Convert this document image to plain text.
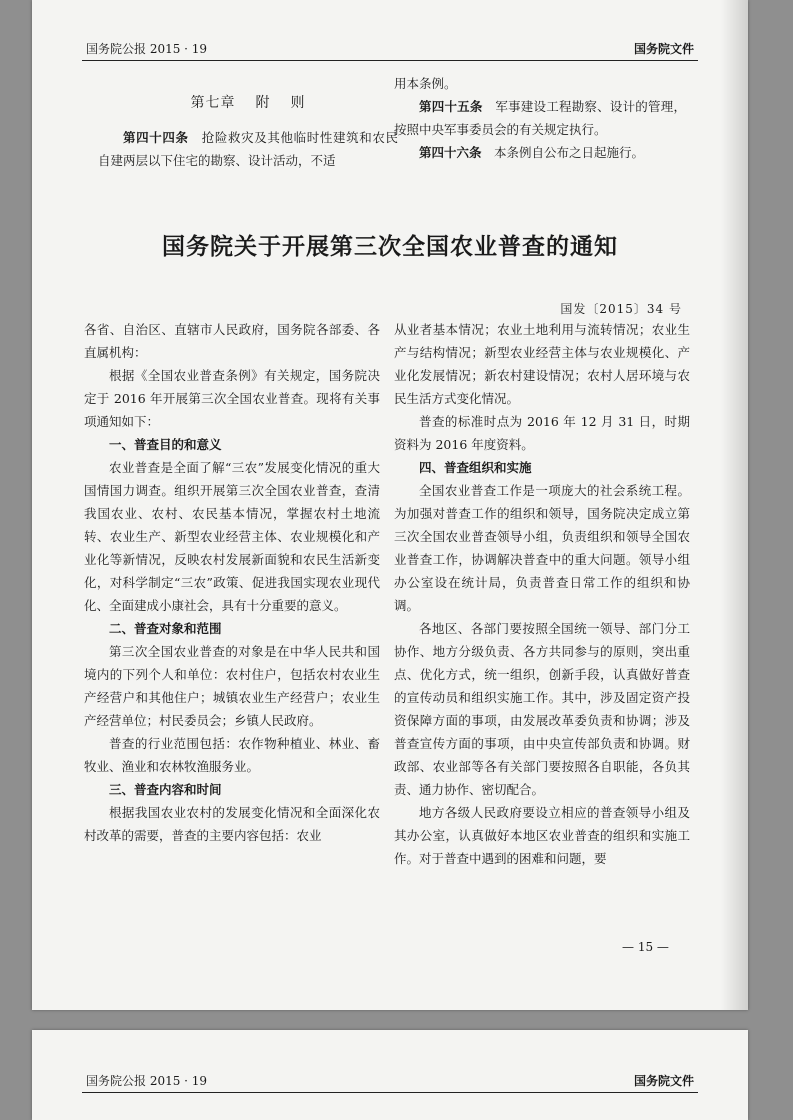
国务院公报 2015 · 19	国务院文件
第七章 附 则

第四十四条　 抢险救灾及其他临时性建筑和农民自建两层以下住宅的勘察、设计活动，不适

用本条例。

第四十五条　 军事建设工程勘察、设计的管理，按照中央军事委员会的有关规定执行。

第四十六条　 本条例自公布之日起施行。

国务院关于开展第三次全国农业普查的通知
国发〔2015〕34 号

各省、自治区、直辖市人民政府，国务院各部委、各直属机构：

根据《全国农业普查条例》有关规定，国务院决定于 2016 年开展第三次全国农业普查。现将有关事项通知如下：

一、普查目的和意义

农业普查是全面了解“三农”发展变化情况的重大国情国力调查。组织开展第三次全国农业普查，查清我国农业、农村、农民基本情况，掌握农村土地流转、农业生产、新型农业经营主体、农业规模化和产业化等新情况，反映农村发展新面貌和农民生活新变化，对科学制定“三农”政策、促进我国实现农业现代化、全面建成小康社会，具有十分重要的意义。

二、普查对象和范围

第三次全国农业普查的对象是在中华人民共和国境内的下列个人和单位：农村住户，包括农村农业生产经营户和其他住户；城镇农业生产经营户；农业生产经营单位；村民委员会；乡镇人民政府。

普查的行业范围包括：农作物种植业、林业、畜牧业、渔业和农林牧渔服务业。

三、普查内容和时间

根据我国农业农村的发展变化情况和全面深化农村改革的需要，普查的主要内容包括：农业

从业者基本情况；农业土地利用与流转情况；农业生产与结构情况；新型农业经营主体与农业规模化、产业化发展情况；新农村建设情况；农村人居环境与农民生活方式变化情况。

普查的标准时点为 2016 年 12 月 31 日，时期资料为 2016 年度资料。

四、普查组织和实施

全国农业普查工作是一项庞大的社会系统工程。为加强对普查工作的组织和领导，国务院决定成立第三次全国农业普查领导小组，负责组织和领导全国农业普查工作，协调解决普查中的重大问题。领导小组办公室设在统计局，负责普查日常工作的组织和协调。

各地区、各部门要按照全国统一领导、部门分工协作、地方分级负责、各方共同参与的原则，突出重点、优化方式，统一组织，创新手段，认真做好普查的宣传动员和组织实施工作。其中，涉及固定资产投资保障方面的事项，由发展改革委负责和协调；涉及普查宣传方面的事项，由中央宣传部负责和协调。财政部、农业部等各有关部门要按照各自职能，各负其责、通力协作、密切配合。

地方各级人民政府要设立相应的普查领导小组及其办公室，认真做好本地区农业普查的组织和实施工作。对于普查中遇到的困难和问题，要

— 15 —
国务院公报 2015 · 19	国务院文件
